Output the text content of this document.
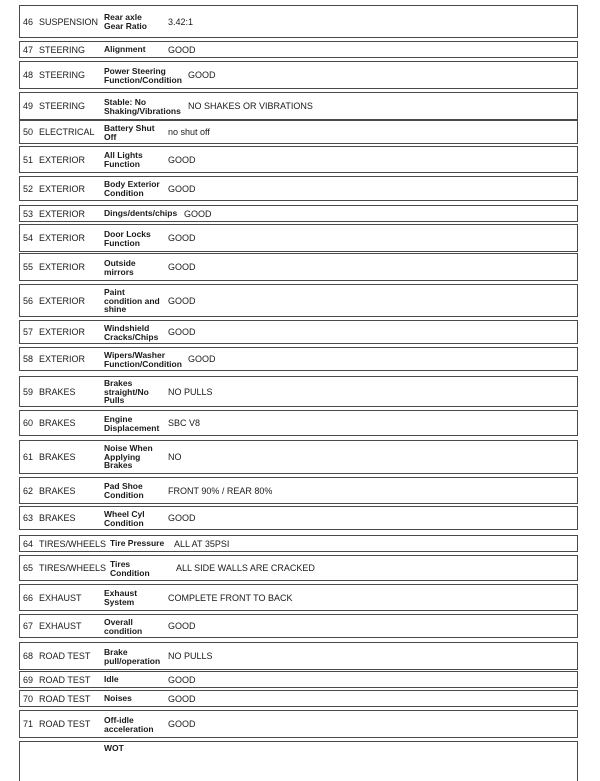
46 SUSPENSION Rear axle
Gear Ratio 3.42:1
47 STEERING Alignment GOOD
48 STEERING Power Steering
Function/Condition GOOD
49 STEERING Stable: No
Shaking/Vibrations NO SHAKES OR VIBRATIONS
50 ELECTRICAL Battery Shut
Off	no shut off
51 EXTERIOR All Lights
Function	GOOD
52 EXTERIOR Body Exterior
Condition	GOOD
53 EXTERIOR Dings/dents/chips GOOD
54 EXTERIOR Door Locks
Function	GOOD
55 EXTERIOR Outside
mirrors	GOOD
56 EXTERIOR
Paint
condition and
shine
GOOD
57 EXTERIOR Windshield
Cracks/Chips GOOD
58 EXTERIOR Wipers/Washer
Function/Condition GOOD
59 BRAKES
Brakes
straight/No
Pulls
NO PULLS
60 BRAKES	Engine
Displacement SBC V8
61 BRAKES
Noise When
Applying
Brakes
NO
62 BRAKES	Pad Shoe
Condition	FRONT 90% / REAR 80%
63 BRAKES	Wheel Cyl
Condition	GOOD
64 TIRES/WHEELS Tire Pressure ALL AT 35PSI
65 TIRES/WHEELS Tires
Condition	ALL SIDE WALLS ARE CRACKED
66 EXHAUST	Exhaust
System	COMPLETE FRONT TO BACK
67 EXHAUST	Overall
condition	GOOD
68 ROAD TEST Brake
pull/operation NO PULLS
69 ROAD TEST Idle	GOOD
70 ROAD TEST Noises	GOOD
71 ROAD TEST Off-idle
acceleration GOOD
WOT
